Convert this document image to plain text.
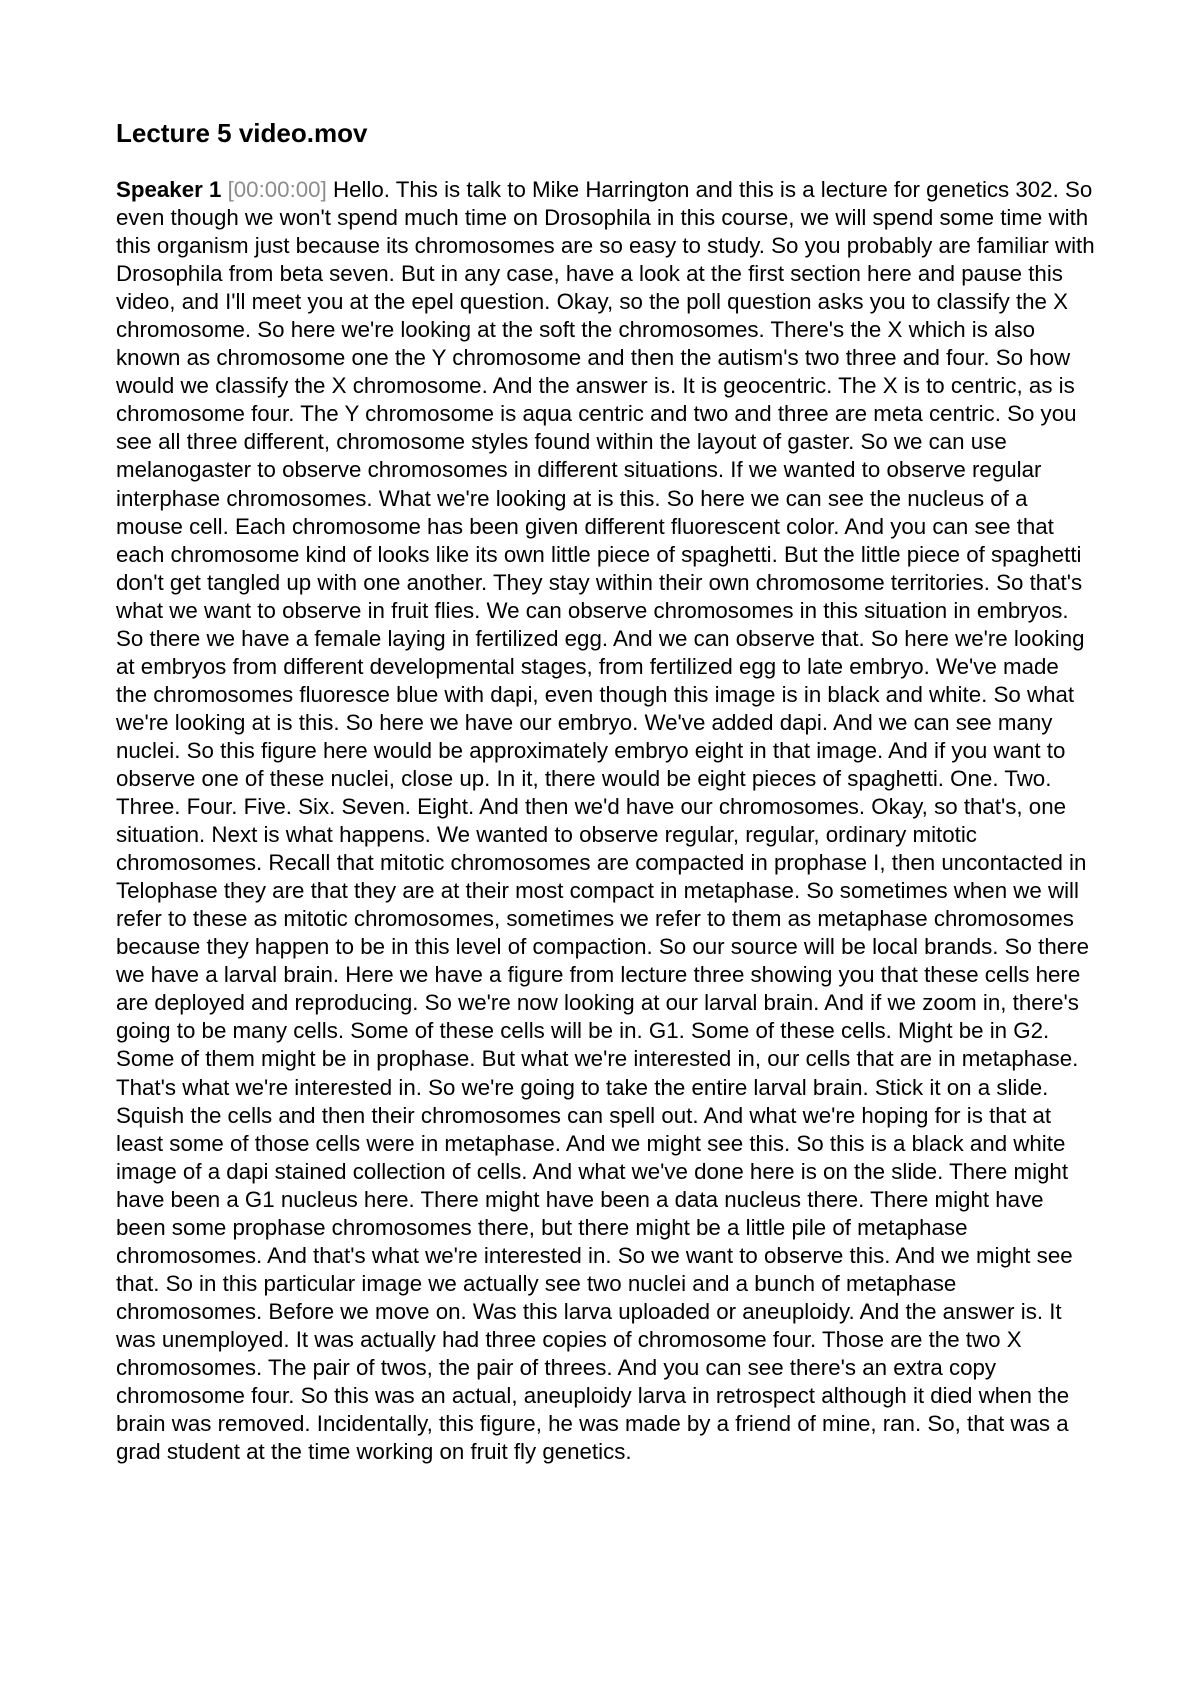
Lecture 5 video.mov

Speaker 1 [00:00:00] Hello. This is talk to Mike Harrington and this is a lecture for genetics 302. So even though we won't spend much time on Drosophila in this course, we will spend some time with this organism just because its chromosomes are so easy to study. So you probably are familiar with Drosophila from beta seven. But in any case, have a look at the first section here and pause this video, and I'll meet you at the epel question. Okay, so the poll question asks you to classify the X chromosome. So here we're looking at the soft the chromosomes. There's the X which is also known as chromosome one the Y chromosome and then the autism's two three and four. So how would we classify the X chromosome. And the answer is. It is geocentric. The X is to centric, as is chromosome four. The Y chromosome is aqua centric and two and three are meta centric. So you see all three different, chromosome styles found within the layout of gaster. So we can use melanogaster to observe chromosomes in different situations. If we wanted to observe regular interphase chromosomes. What we're looking at is this. So here we can see the nucleus of a mouse cell. Each chromosome has been given different fluorescent color. And you can see that each chromosome kind of looks like its own little piece of spaghetti. But the little piece of spaghetti don't get tangled up with one another. They stay within their own chromosome territories. So that's what we want to observe in fruit flies. We can observe chromosomes in this situation in embryos. So there we have a female laying in fertilized egg. And we can observe that. So here we're looking at embryos from different developmental stages, from fertilized egg to late embryo. We've made the chromosomes fluoresce blue with dapi, even though this image is in black and white. So what we're looking at is this. So here we have our embryo. We've added dapi. And we can see many nuclei. So this figure here would be approximately embryo eight in that image. And if you want to observe one of these nuclei, close up. In it, there would be eight pieces of spaghetti. One. Two. Three. Four. Five. Six. Seven. Eight. And then we'd have our chromosomes. Okay, so that's, one situation. Next is what happens. We wanted to observe regular, regular, ordinary mitotic chromosomes. Recall that mitotic chromosomes are compacted in prophase I, then uncontacted in Telophase they are that they are at their most compact in metaphase. So sometimes when we will refer to these as mitotic chromosomes, sometimes we refer to them as metaphase chromosomes because they happen to be in this level of compaction. So our source will be local brands. So there we have a larval brain. Here we have a figure from lecture three showing you that these cells here are deployed and reproducing. So we're now looking at our larval brain. And if we zoom in, there's going to be many cells. Some of these cells will be in. G1. Some of these cells. Might be in G2. Some of them might be in prophase. But what we're interested in, our cells that are in metaphase. That's what we're interested in. So we're going to take the entire larval brain. Stick it on a slide. Squish the cells and then their chromosomes can spell out. And what we're hoping for is that at least some of those cells were in metaphase. And we might see this. So this is a black and white image of a dapi stained collection of cells. And what we've done here is on the slide. There might have been a G1 nucleus here. There might have been a data nucleus there. There might have been some prophase chromosomes there, but there might be a little pile of metaphase chromosomes. And that's what we're interested in. So we want to observe this. And we might see that. So in this particular image we actually see two nuclei and a bunch of metaphase chromosomes. Before we move on. Was this larva uploaded or aneuploidy. And the answer is. It was unemployed. It was actually had three copies of chromosome four. Those are the two X chromosomes. The pair of twos, the pair of threes. And you can see there's an extra copy chromosome four. So this was an actual, aneuploidy larva in retrospect although it died when the brain was removed. Incidentally, this figure, he was made by a friend of mine, ran. So, that was a grad student at the time working on fruit fly genetics.
